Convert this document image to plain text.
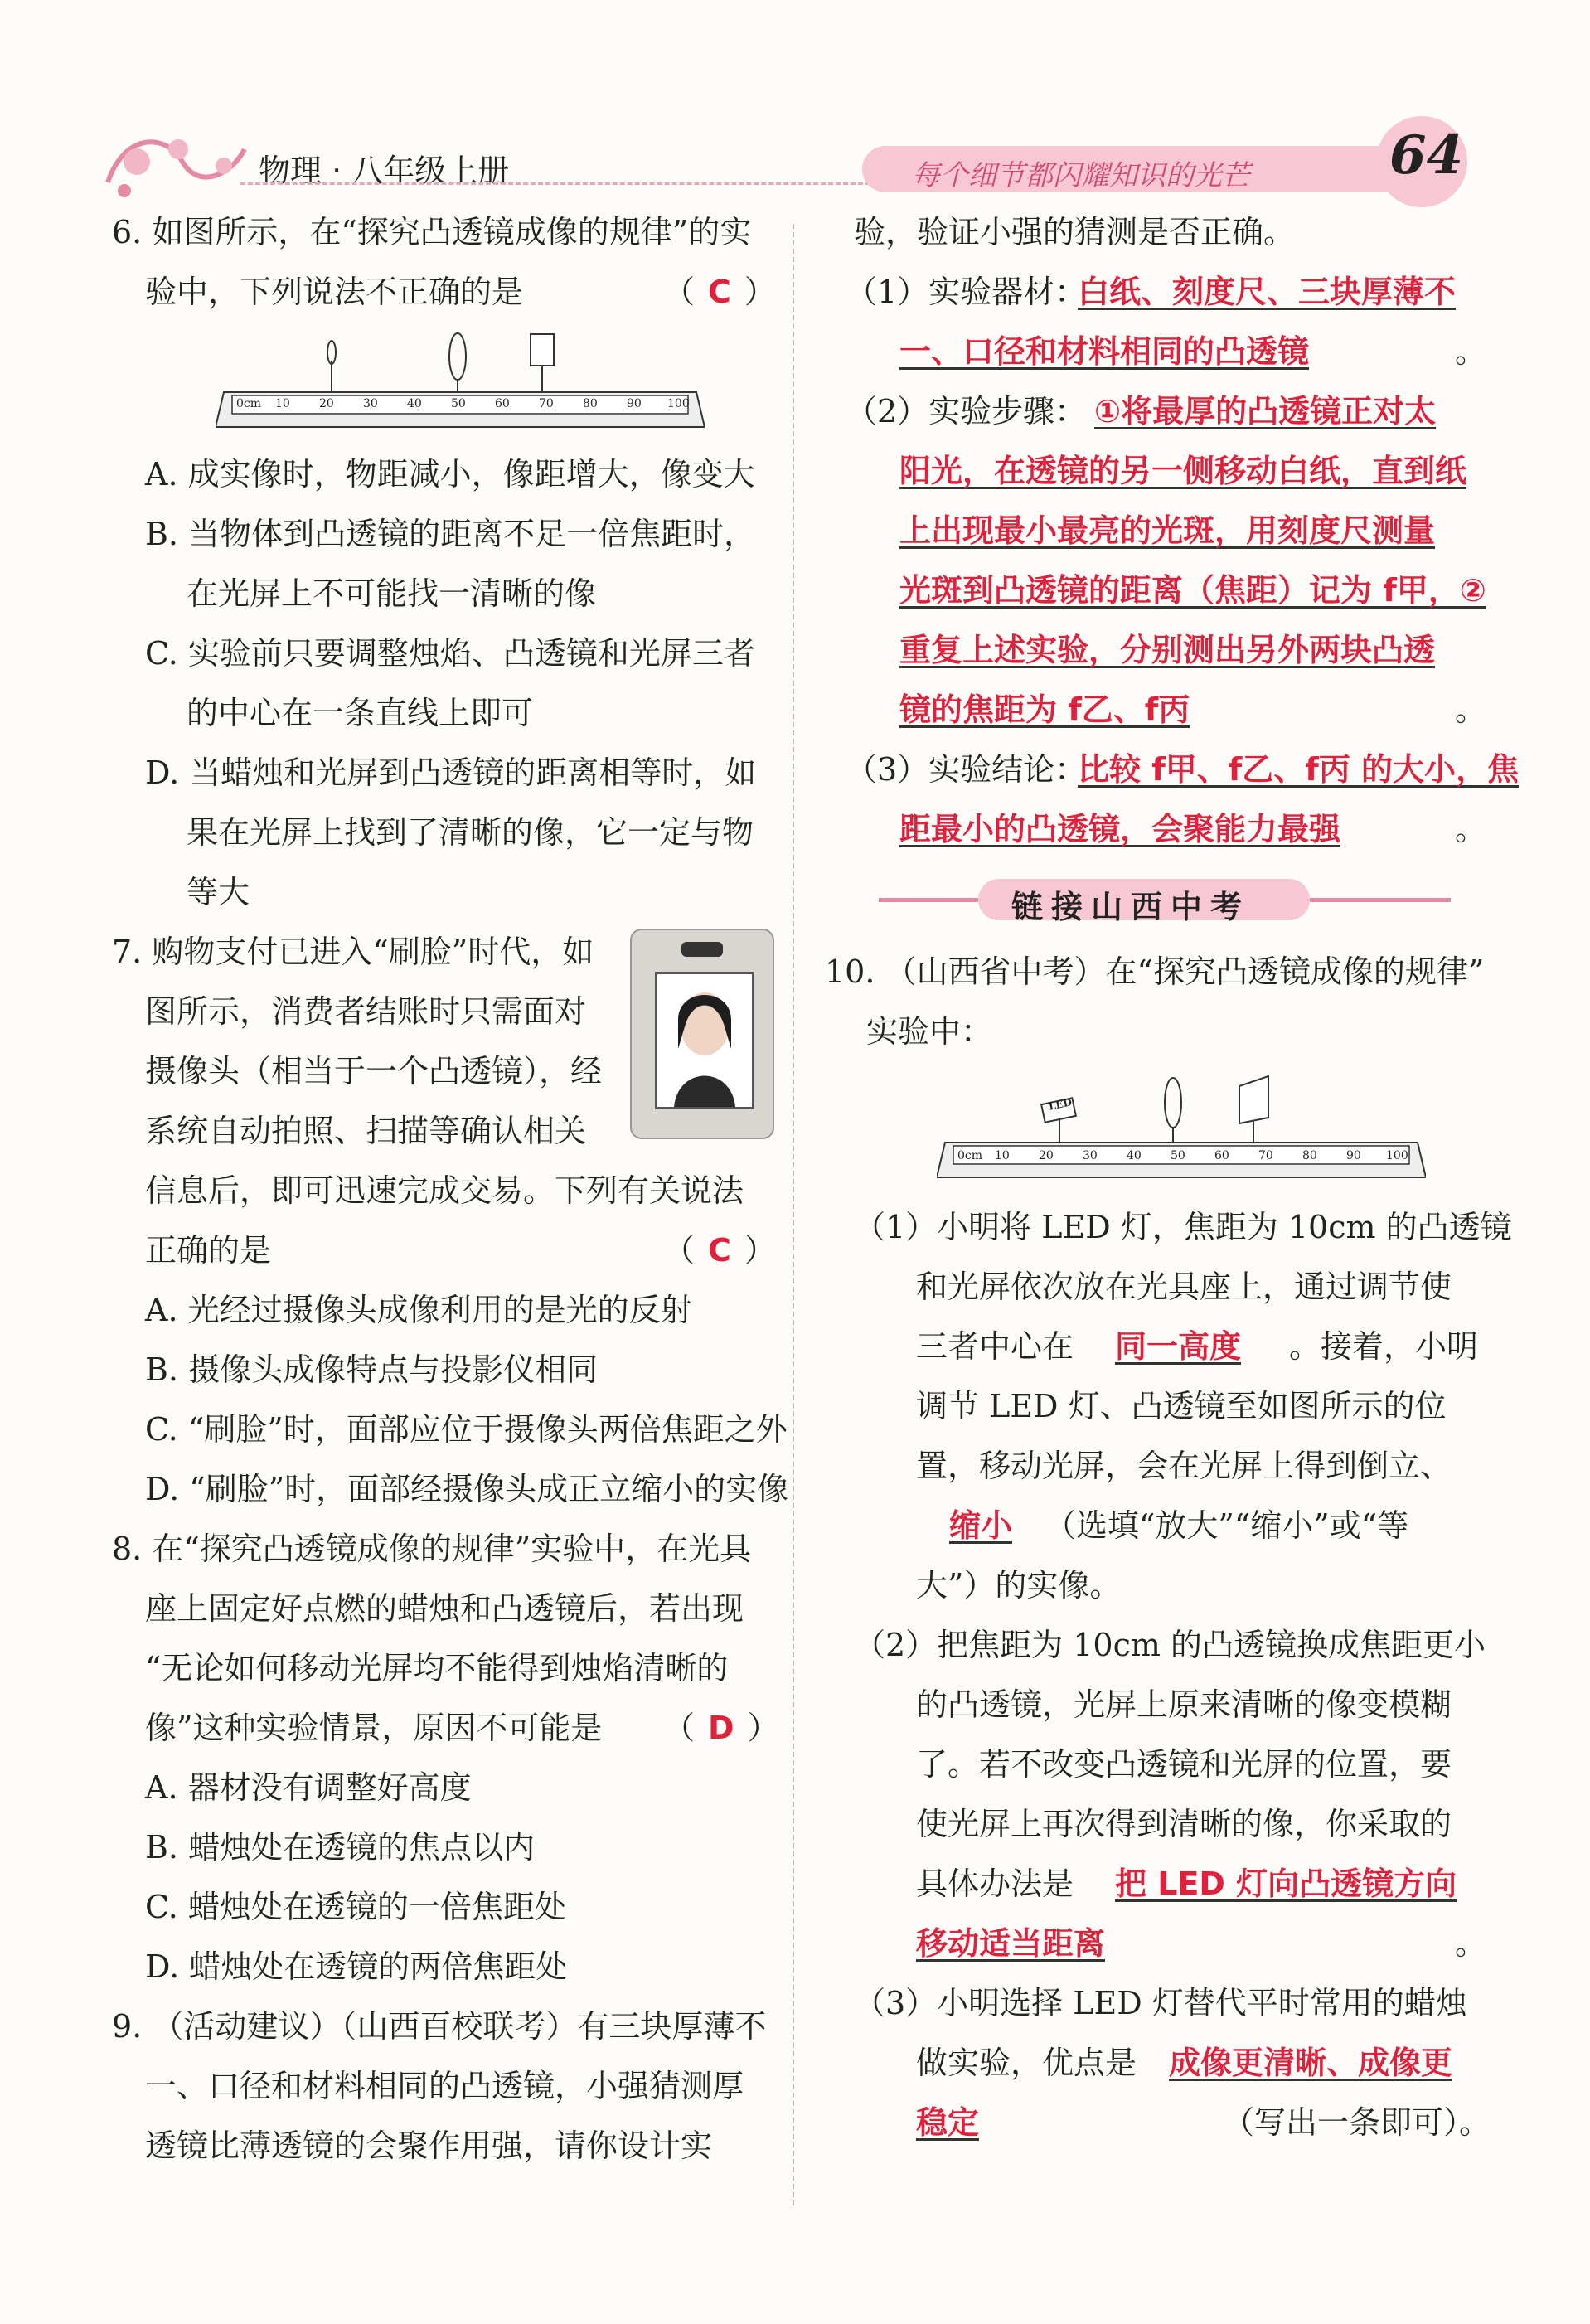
物理 · 八年级上册	每个细节都闪耀知识的光芒	64
6. 如图所示，在“探究凸透镜成像的规律”的实
验中，下列说法不正确的是	（ C ）
0cm 10	20	30	40	50	60	70	80	90 100
A. 成实像时，物距减小，像距增大，像变大
B. 当物体到凸透镜的距离不足一倍焦距时，
在光屏上不可能找一清晰的像
C. 实验前只要调整烛焰、凸透镜和光屏三者
的中心在一条直线上即可
D. 当蜡烛和光屏到凸透镜的距离相等时，如
果在光屏上找到了清晰的像，它一定与物
等大
7. 购物支付已进入“刷脸”时代，如
图所示，消费者结账时只需面对
摄像头（相当于一个凸透镜），经
系统自动拍照、扫描等确认相关
信息后，即可迅速完成交易。下列有关说法
正确的是	（ C ）
A. 光经过摄像头成像利用的是光的反射
B. 摄像头成像特点与投影仪相同
C. “刷脸”时，面部应位于摄像头两倍焦距之外
D. “刷脸”时，面部经摄像头成正立缩小的实像
8. 在“探究凸透镜成像的规律”实验中，在光具
座上固定好点燃的蜡烛和凸透镜后，若出现
“无论如何移动光屏均不能得到烛焰清晰的
像”这种实验情景，原因不可能是 （ D ）
A. 器材没有调整好高度
B. 蜡烛处在透镜的焦点以内
C. 蜡烛处在透镜的一倍焦距处
D. 蜡烛处在透镜的两倍焦距处
9. （活动建议）（山西百校联考）有三块厚薄不
一、口径和材料相同的凸透镜，小强猜测厚
透镜比薄透镜的会聚作用强，请你设计实
验，验证小强的猜测是否正确。
（1）实验器材：
白纸、刻度尺、三块厚薄不
一、口径和材料相同的凸透镜	。
（2）实验步骤： ①将最厚的凸透镜正对太
阳光，在透镜的另一侧移动白纸，直到纸
上出现最小最亮的光斑，用刻度尺测量
光斑到凸透镜的距离（焦距）记为 f甲，②
重复上述实验，分别测出另外两块凸透
镜的焦距为 f乙、f丙	。
（3）实验结论：
比较 f甲、f乙、f丙 的大小，焦
距最小的凸透镜，会聚能力最强	。
链接山西中考
10. （山西省中考）在“探究凸透镜成像的规律”
实验中：
LED
0cm 10	20	30	40	50	60	70	80	90 100
（1）小明将 LED 灯，焦距为 10cm 的凸透镜
和光屏依次放在光具座上，通过调节使
三者中心在 同一高度 。接着，小明
调节 LED 灯、凸透镜至如图所示的位
置，移动光屏，会在光屏上得到倒立、
缩小 （选填“放大”“缩小”或“等
大”）的实像。
（2）把焦距为 10cm 的凸透镜换成焦距更小
的凸透镜，光屏上原来清晰的像变模糊
了。若不改变凸透镜和光屏的位置，要
使光屏上再次得到清晰的像，你采取的
具体办法是 把 LED 灯向凸透镜方向
移动适当距离	。
（3）小明选择 LED 灯替代平时常用的蜡烛
做实验，优点是 成像更清晰、成像更
稳定	（写出一条即可）。
